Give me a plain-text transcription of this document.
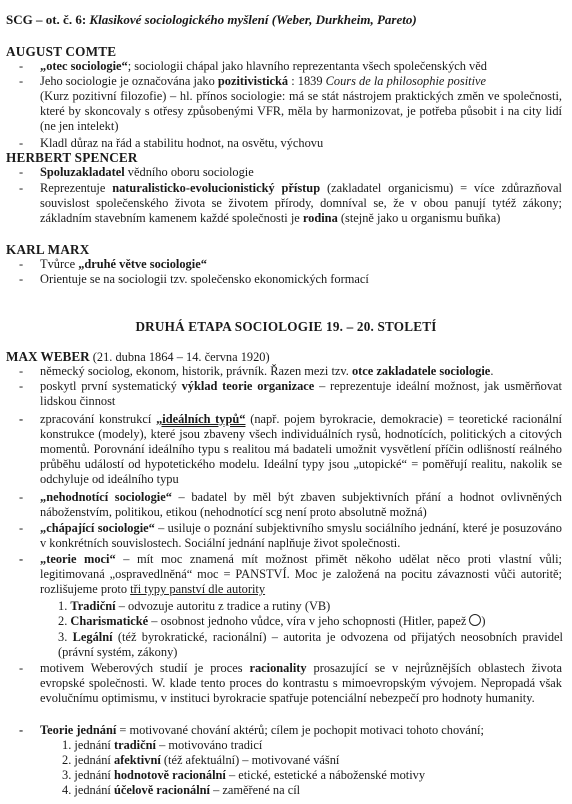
SCG – ot. č. 6: Klasikové sociologického myšlení (Weber, Durkheim, Pareto)
AUGUST COMTE
- „otec sociologie“; sociologii chápal jako hlavního reprezentanta všech společenských věd
- Jeho sociologie je označována jako pozitivistická : 1839 Cours de la philosophie positive
(Kurz pozitivní filozofie) – hl. přínos sociologie: má se stát nástrojem praktických změn ve společnosti, které by skoncovaly s otřesy způsobenými VFR, měla by harmonizovat, je potřeba působit i na city lidí (ne jen intelekt)
- Kladl důraz na řád a stabilitu hodnot, na osvětu, výchovu
HERBERT SPENCER
- Spoluzakladatel vědního oboru sociologie
- Reprezentuje naturalisticko-evolucionistický přístup (zakladatel organicismu) = více zdůrazňoval souvislost společenského života se životem přírody, domníval se, že v obou panují tytéž zákony; základním stavebním kamenem každé společnosti je rodina (stejně jako u organismu buňka)
KARL MARX
- Tvůrce „druhé větve sociologie“
- Orientuje se na sociologii tzv. společensko ekonomických formací
DRUHÁ ETAPA SOCIOLOGIE 19. – 20. STOLETÍ
MAX WEBER (21. dubna 1864 – 14. června 1920)
- německý sociolog, ekonom, historik, právník. Řazen mezi tzv. otce zakladatele sociologie.
- poskytl první systematický výklad teorie organizace – reprezentuje ideální možnost, jak usměrňovat lidskou činnost
- zpracování konstrukcí „ideálních typů“ (např. pojem byrokracie, demokracie) = teoretické racionální konstrukce (modely), které jsou zbaveny všech individuálních rysů, hodnotících, politických a citových momentů. Porovnání ideálního typu s realitou má badateli umožnit vysvětlení příčin odlišností reálného průběhu událostí od hypotetického modelu. Ideální typy jsou „utopické“ = poměřují realitu, nakolik se odchyluje od ideálního typu
- „nehodnotící sociologie“ – badatel by měl být zbaven subjektivních přání a hodnot ovlivněných náboženstvím, politikou, etikou (nehodnotící scg není proto absolutně možná)
- „chápající sociologie“ – usiluje o poznání subjektivního smyslu sociálního jednání, které je posuzováno v konkrétních souvislostech. Sociální jednání naplňuje život společnosti.
- „teorie moci“ – mít moc znamená mít možnost přimět někoho udělat něco proti vlastní vůli; legitimovaná „ospravedlněná“ moc = PANSTVÍ. Moc je založená na pocitu závaznosti vůči autoritě; rozlišujeme proto tři typy panství dle autority
1. Tradiční – odvozuje autoritu z tradice a rutiny (VB)
2. Charismatické – osobnost jednoho vůdce, víra v jeho schopnosti (Hitler, papež )
3. Legální (též byrokratické, racionální) – autorita je odvozena od přijatých neosobních pravidel (právní systém, zákony)
- motivem Weberových studií je proces racionality prosazující se v nejrůznějších oblastech života evropské společnosti. W. klade tento proces do kontrastu s mimoevropským vývojem. Nepropadá však evolučnímu optimismu, v instituci byrokracie spatřuje potenciální nebezpečí pro hodnoty humanity.
- Teorie jednání = motivované chování aktérů; cílem je pochopit motivaci tohoto chování;
1. jednání tradiční – motivováno tradicí
2. jednání afektivní (též afektuální) – motivované vášní
3. jednání hodnotově racionální – etické, estetické a náboženské motivy
4. jednání účelově racionální – zaměřené na cíl
